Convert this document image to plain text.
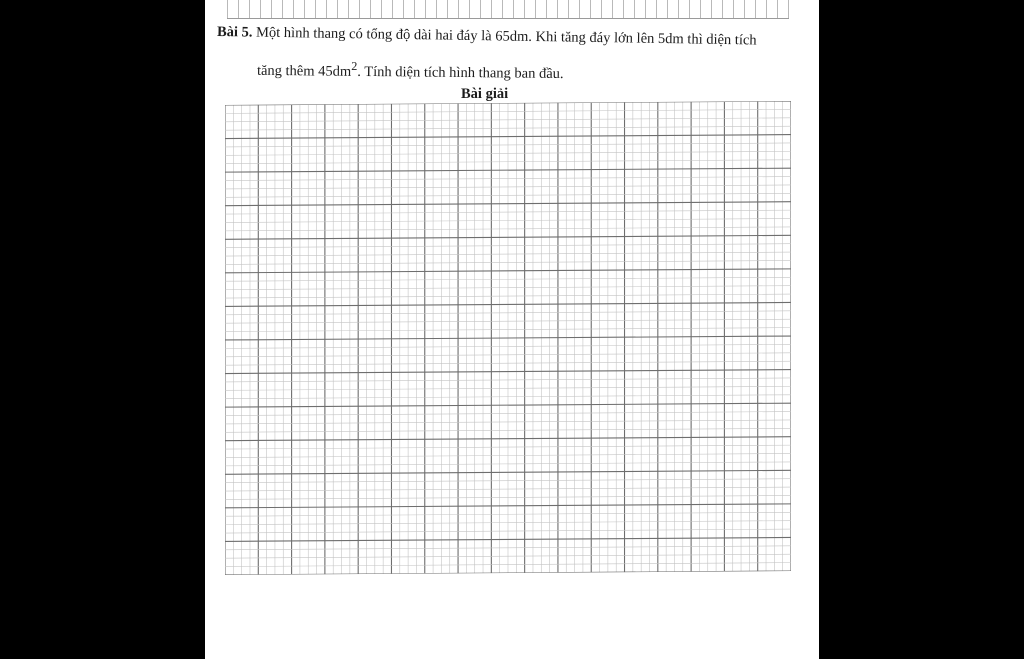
Bài 5. Một hình thang có tổng độ dài hai đáy là 65dm. Khi tăng đáy lớn lên 5dm thì diện tích
tăng thêm $45dm^2$. Tính diện tích hình thang ban đầu.
Bài giải
